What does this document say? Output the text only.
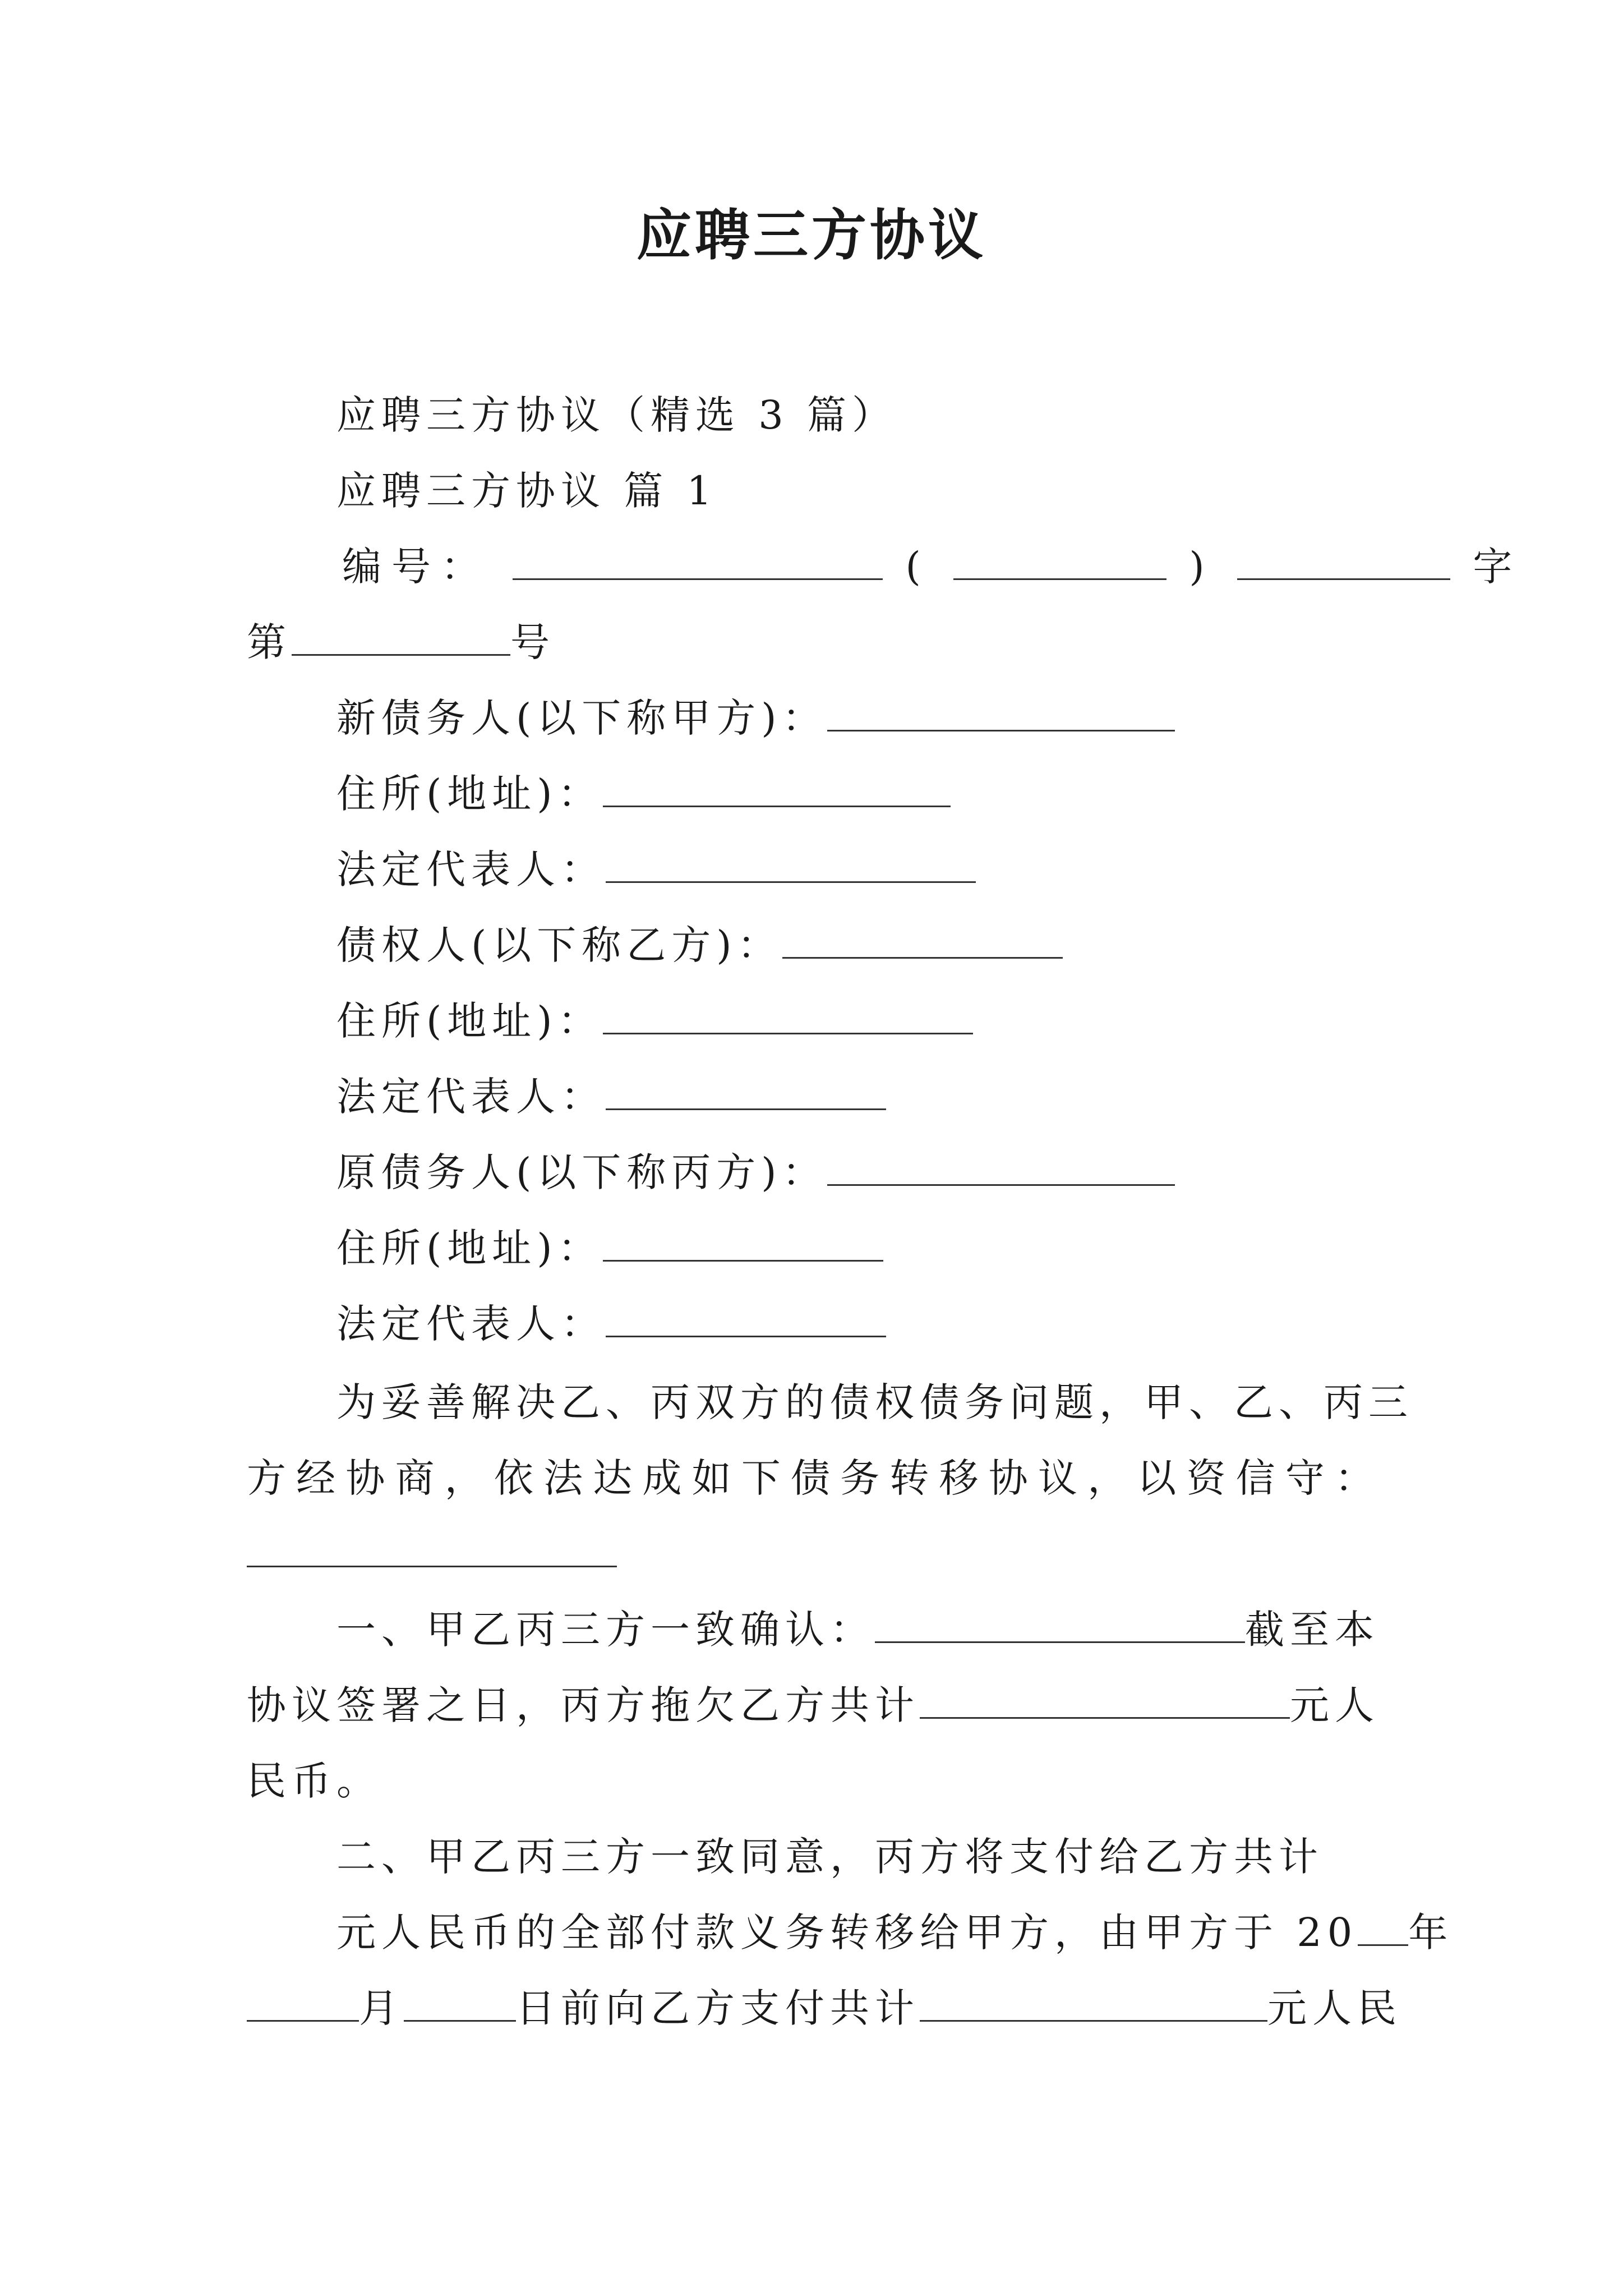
应聘三方协议
应聘三方协议（精选 3 篇）
应聘三方协议 篇 1
编号：	(	)	字
第	号
新债务人(以下称甲方)：
住所(地址)：
法定代表人：
债权人(以下称乙方)：
住所(地址)：
法定代表人：
原债务人(以下称丙方)：
住所(地址)：
法定代表人：
为妥善解决乙、丙双方的债权债务问题，甲、乙、丙三
方经协商，依法达成如下债务转移协议，以资信守：
一、甲乙丙三方一致确认：	截至本
协议签署之日，丙方拖欠乙方共计	元人
民币。
二、甲乙丙三方一致同意，丙方将支付给乙方共计
元人民币的全部付款义务转移给甲方，由甲方于 20 年
月	日前向乙方支付共计	元人民
